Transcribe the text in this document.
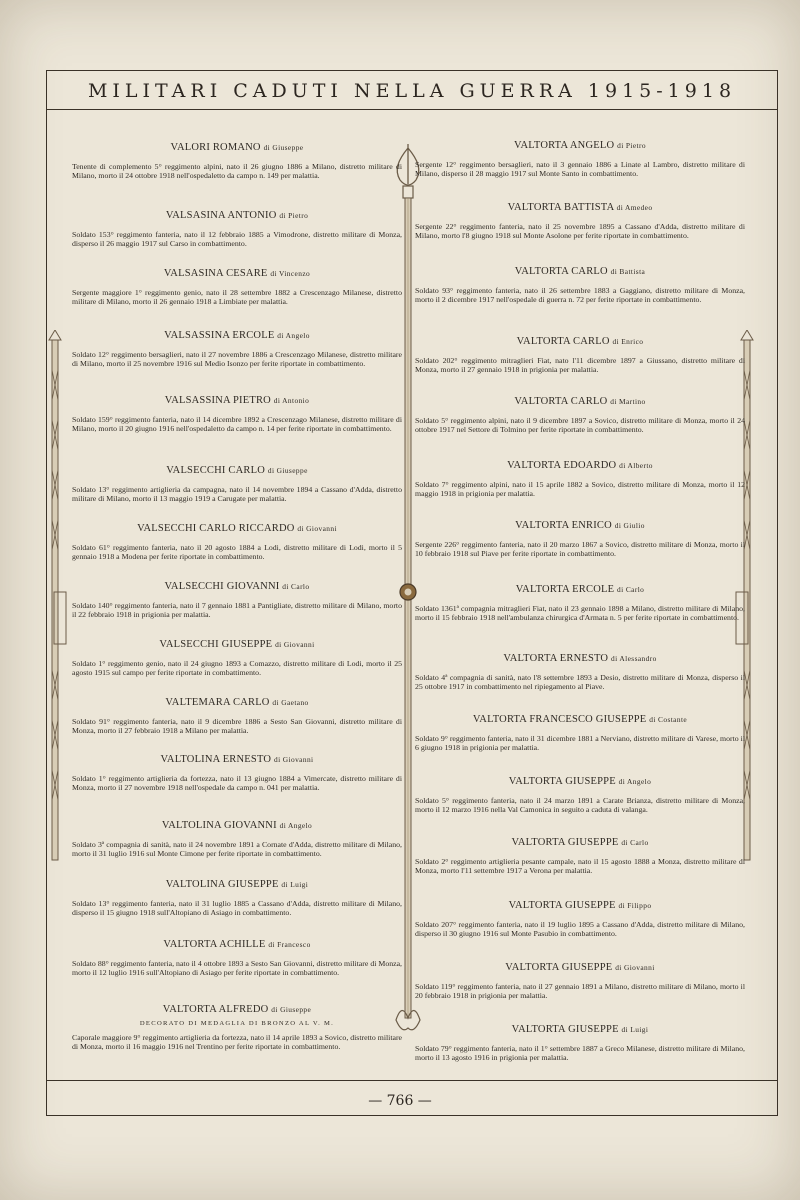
MILITARI CADUTI NELLA GUERRA 1915-1918
VALORI ROMANO di Giuseppe
Tenente di complemento 5° reggimento alpini, nato il 26 giugno 1886 a Milano, distretto militare di Milano, morto il 24 ottobre 1918 nell'ospedaletto da campo n. 149 per malattia.
VALSASINA ANTONIO di Pietro
Soldato 153° reggimento fanteria, nato il 12 febbraio 1885 a Vimodrone, distretto militare di Monza, disperso il 26 maggio 1917 sul Carso in combattimento.
VALSASINA CESARE di Vincenzo
Sergente maggiore 1° reggimento genio, nato il 28 settembre 1882 a Crescenzago Milanese, distretto militare di Milano, morto il 26 gennaio 1918 a Limbiate per malattia.
VALSASSINA ERCOLE di Angelo
Soldato 12° reggimento bersaglieri, nato il 27 novembre 1886 a Crescenzago Milanese, distretto militare di Milano, morto il 25 novembre 1916 sul Medio Isonzo per ferite riportate in combattimento.
VALSASSINA PIETRO di Antonio
Soldato 159° reggimento fanteria, nato il 14 dicembre 1892 a Crescenzago Milanese, distretto militare di Milano, morto il 20 giugno 1916 nell'ospedaletto da campo n. 14 per ferite riportate in combattimento.
VALSECCHI CARLO di Giuseppe
Soldato 13° reggimento artiglieria da campagna, nato il 14 novembre 1894 a Cassano d'Adda, distretto militare di Milano, morto il 13 maggio 1919 a Carugate per malattia.
VALSECCHI CARLO RICCARDO di Giovanni
Soldato 61° reggimento fanteria, nato il 20 agosto 1884 a Lodi, distretto militare di Lodi, morto il 5 gennaio 1918 a Modena per ferite riportate in combattimento.
VALSECCHI GIOVANNI di Carlo
Soldato 140° reggimento fanteria, nato il 7 gennaio 1881 a Pantigliate, distretto militare di Milano, morto il 22 febbraio 1918 in prigionia per malattia.
VALSECCHI GIUSEPPE di Giovanni
Soldato 1° reggimento genio, nato il 24 giugno 1893 a Comazzo, distretto militare di Lodi, morto il 25 agosto 1915 sul campo per ferite riportate in combattimento.
VALTEMARA CARLO di Gaetano
Soldato 91° reggimento fanteria, nato il 9 dicembre 1886 a Sesto San Giovanni, distretto militare di Monza, morto il 27 febbraio 1918 a Milano per malattia.
VALTOLINA ERNESTO di Giovanni
Soldato 1° reggimento artiglieria da fortezza, nato il 13 giugno 1884 a Vimercate, distretto militare di Monza, morto il 27 novembre 1918 nell'ospedale da campo n. 041 per malattia.
VALTOLINA GIOVANNI di Angelo
Soldato 3ª compagnia di sanità, nato il 24 novembre 1891 a Cornate d'Adda, distretto militare di Milano, morto il 31 luglio 1916 sul Monte Cimone per ferite riportate in combattimento.
VALTOLINA GIUSEPPE di Luigi
Soldato 13° reggimento fanteria, nato il 31 luglio 1885 a Cassano d'Adda, distretto militare di Milano, disperso il 15 giugno 1918 sull'Altopiano di Asiago in combattimento.
VALTORTA ACHILLE di Francesco
Soldato 88° reggimento fanteria, nato il 4 ottobre 1893 a Sesto San Giovanni, distretto militare di Monza, morto il 12 luglio 1916 sull'Altopiano di Asiago per ferite riportate in combattimento.
VALTORTA ALFREDO di Giuseppe
DECORATO DI MEDAGLIA DI BRONZO AL V. M.
Caporale maggiore 9° reggimento artiglieria da fortezza, nato il 14 aprile 1893 a Sovico, distretto militare di Monza, morto il 16 maggio 1916 nel Trentino per ferite riportate in combattimento.
VALTORTA ANGELO di Pietro
Sergente 12° reggimento bersaglieri, nato il 3 gennaio 1886 a Linate al Lambro, distretto militare di Milano, disperso il 28 maggio 1917 sul Monte Santo in combattimento.
VALTORTA BATTISTA di Amedeo
Sergente 22° reggimento fanteria, nato il 25 novembre 1895 a Cassano d'Adda, distretto militare di Milano, morto l'8 giugno 1918 sul Monte Asolone per ferite riportate in combattimento.
VALTORTA CARLO di Battista
Soldato 93° reggimento fanteria, nato il 26 settembre 1883 a Gaggiano, distretto militare di Monza, morto il 2 dicembre 1917 nell'ospedale di guerra n. 72 per ferite riportate in combattimento.
VALTORTA CARLO di Enrico
Soldato 202° reggimento mitraglieri Fiat, nato l'11 dicembre 1897 a Giussano, distretto militare di Monza, morto il 27 gennaio 1918 in prigionia per malattia.
VALTORTA CARLO di Martino
Soldato 5° reggimento alpini, nato il 9 dicembre 1897 a Sovico, distretto militare di Monza, morto il 24 ottobre 1917 nel Settore di Tolmino per ferite riportate in combattimento.
VALTORTA EDOARDO di Alberto
Soldato 7° reggimento alpini, nato il 15 aprile 1882 a Sovico, distretto militare di Monza, morto il 12 maggio 1918 in prigionia per malattia.
VALTORTA ENRICO di Giulio
Sergente 226° reggimento fanteria, nato il 20 marzo 1867 a Sovico, distretto militare di Monza, morto il 10 febbraio 1918 sul Piave per ferite riportate in combattimento.
VALTORTA ERCOLE di Carlo
Soldato 1361ª compagnia mitraglieri Fiat, nato il 23 gennaio 1898 a Milano, distretto militare di Milano, morto il 15 febbraio 1918 nell'ambulanza chirurgica d'Armata n. 5 per ferite riportate in combattimento.
VALTORTA ERNESTO di Alessandro
Soldato 4ª compagnia di sanità, nato l'8 settembre 1893 a Desio, distretto militare di Monza, disperso il 25 ottobre 1917 in combattimento nel ripiegamento al Piave.
VALTORTA FRANCESCO GIUSEPPE di Costante
Soldato 9° reggimento fanteria, nato il 31 dicembre 1881 a Nerviano, distretto militare di Varese, morto il 6 giugno 1918 in prigionia per malattia.
VALTORTA GIUSEPPE di Angelo
Soldato 5° reggimento fanteria, nato il 24 marzo 1891 a Carate Brianza, distretto militare di Monza, morto il 12 marzo 1916 nella Val Camonica in seguito a caduta di valanga.
VALTORTA GIUSEPPE di Carlo
Soldato 2° reggimento artiglieria pesante campale, nato il 15 agosto 1888 a Monza, distretto militare di Monza, morto l'11 settembre 1917 a Verona per malattia.
VALTORTA GIUSEPPE di Filippo
Soldato 207° reggimento fanteria, nato il 19 luglio 1895 a Cassano d'Adda, distretto militare di Milano, disperso il 30 giugno 1916 sul Monte Pasubio in combattimento.
VALTORTA GIUSEPPE di Giovanni
Soldato 119° reggimento fanteria, nato il 27 gennaio 1891 a Milano, distretto militare di Milano, morto il 20 febbraio 1918 in prigionia per malattia.
VALTORTA GIUSEPPE di Luigi
Soldato 79° reggimento fanteria, nato il 1° settembre 1887 a Greco Milanese, distretto militare di Milano, morto il 13 agosto 1916 in prigionia per malattia.
— 766 —
